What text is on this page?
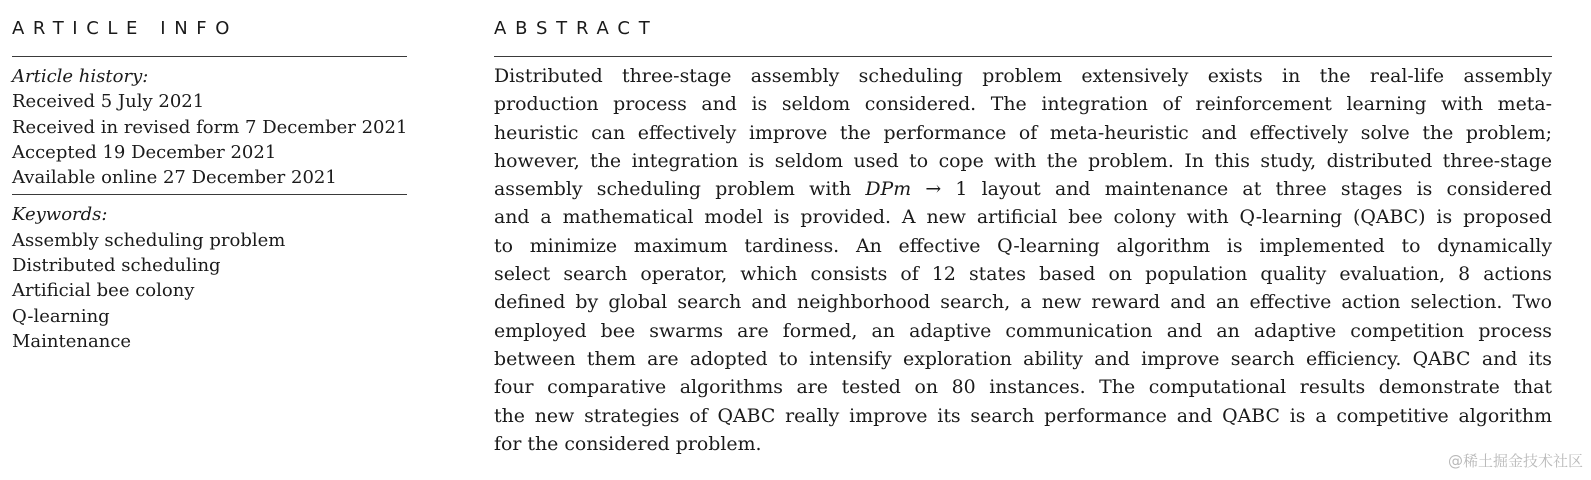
ARTICLE INFO
Article history:
Received 5 July 2021
Received in revised form 7 December 2021
Accepted 19 December 2021
Available online 27 December 2021
Keywords:
Assembly scheduling problem
Distributed scheduling
Artificial bee colony
Q-learning
Maintenance
ABSTRACT
Distributed three-stage assembly scheduling problem extensively exists in the real-life assembly
production process and is seldom considered. The integration of reinforcement learning with meta-
heuristic can effectively improve the performance of meta-heuristic and effectively solve the problem;
however, the integration is seldom used to cope with the problem. In this study, distributed three-stage
assembly scheduling problem with DPm → 1 layout and maintenance at three stages is considered
and a mathematical model is provided. A new artificial bee colony with Q-learning (QABC) is proposed
to minimize maximum tardiness. An effective Q-learning algorithm is implemented to dynamically
select search operator, which consists of 12 states based on population quality evaluation, 8 actions
defined by global search and neighborhood search, a new reward and an effective action selection. Two
employed bee swarms are formed, an adaptive communication and an adaptive competition process
between them are adopted to intensify exploration ability and improve search efficiency. QABC and its
four comparative algorithms are tested on 80 instances. The computational results demonstrate that
the new strategies of QABC really improve its search performance and QABC is a competitive algorithm
for the considered problem.
@稀土掘金技术社区
